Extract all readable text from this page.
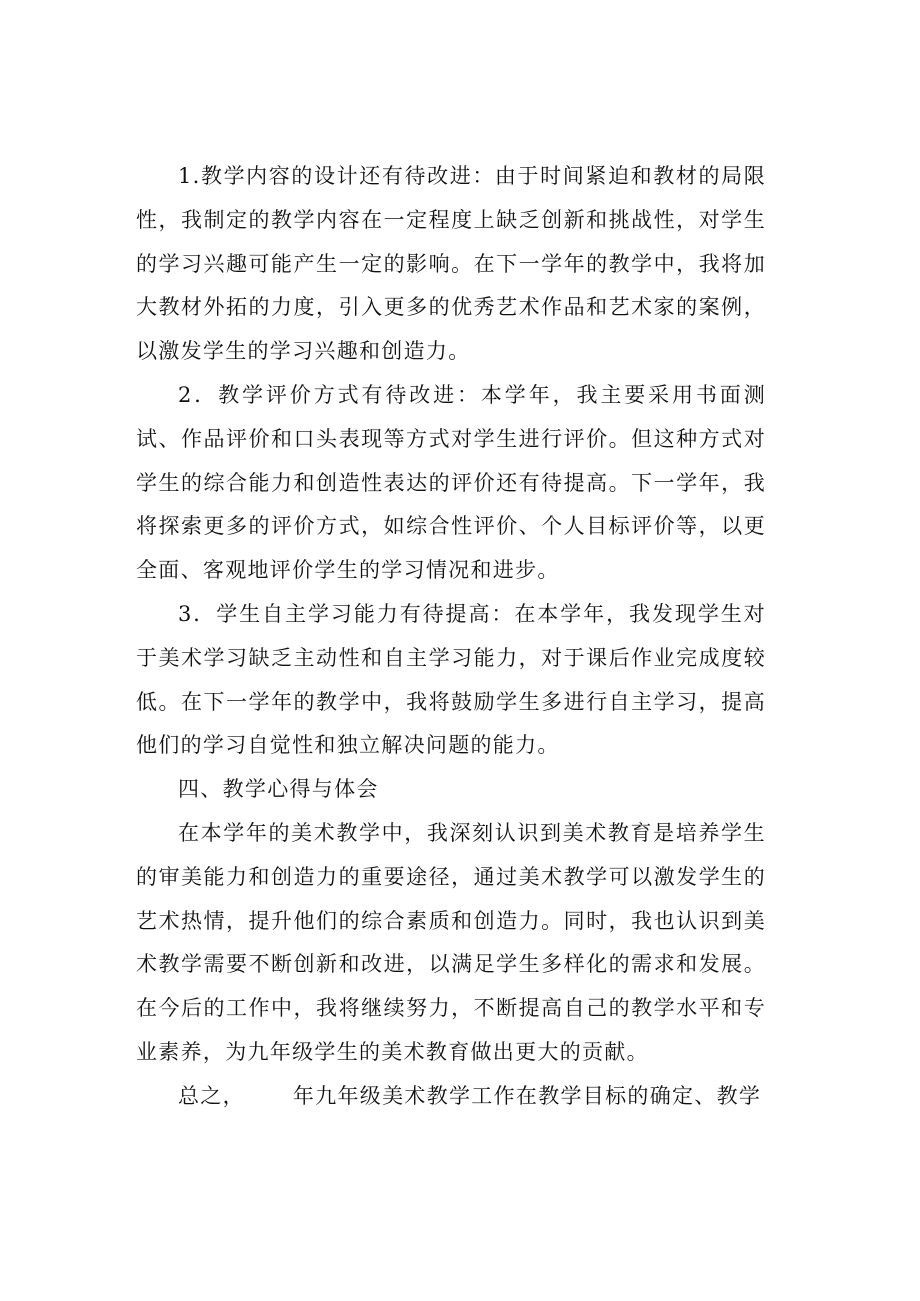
1.教学内容的设计还有待改进：由于时间紧迫和教材的局限性，我制定的教学内容在一定程度上缺乏创新和挑战性，对学生的学习兴趣可能产生一定的影响。在下一学年的教学中，我将加大教材外拓的力度，引入更多的优秀艺术作品和艺术家的案例，以激发学生的学习兴趣和创造力。

2．教学评价方式有待改进：本学年，我主要采用书面测试、作品评价和口头表现等方式对学生进行评价。但这种方式对学生的综合能力和创造性表达的评价还有待提高。下一学年，我将探索更多的评价方式，如综合性评价、个人目标评价等，以更全面、客观地评价学生的学习情况和进步。

3．学生自主学习能力有待提高：在本学年，我发现学生对于美术学习缺乏主动性和自主学习能力，对于课后作业完成度较低。在下一学年的教学中，我将鼓励学生多进行自主学习，提高他们的学习自觉性和独立解决问题的能力。

四、教学心得与体会

在本学年的美术教学中，我深刻认识到美术教育是培养学生的审美能力和创造力的重要途径，通过美术教学可以激发学生的艺术热情，提升他们的综合素质和创造力。同时，我也认识到美术教学需要不断创新和改进，以满足学生多样化的需求和发展。在今后的工作中，我将继续努力，不断提高自己的教学水平和专业素养，为九年级学生的美术教育做出更大的贡献。

总之， 年九年级美术教学工作在教学目标的确定、教学
